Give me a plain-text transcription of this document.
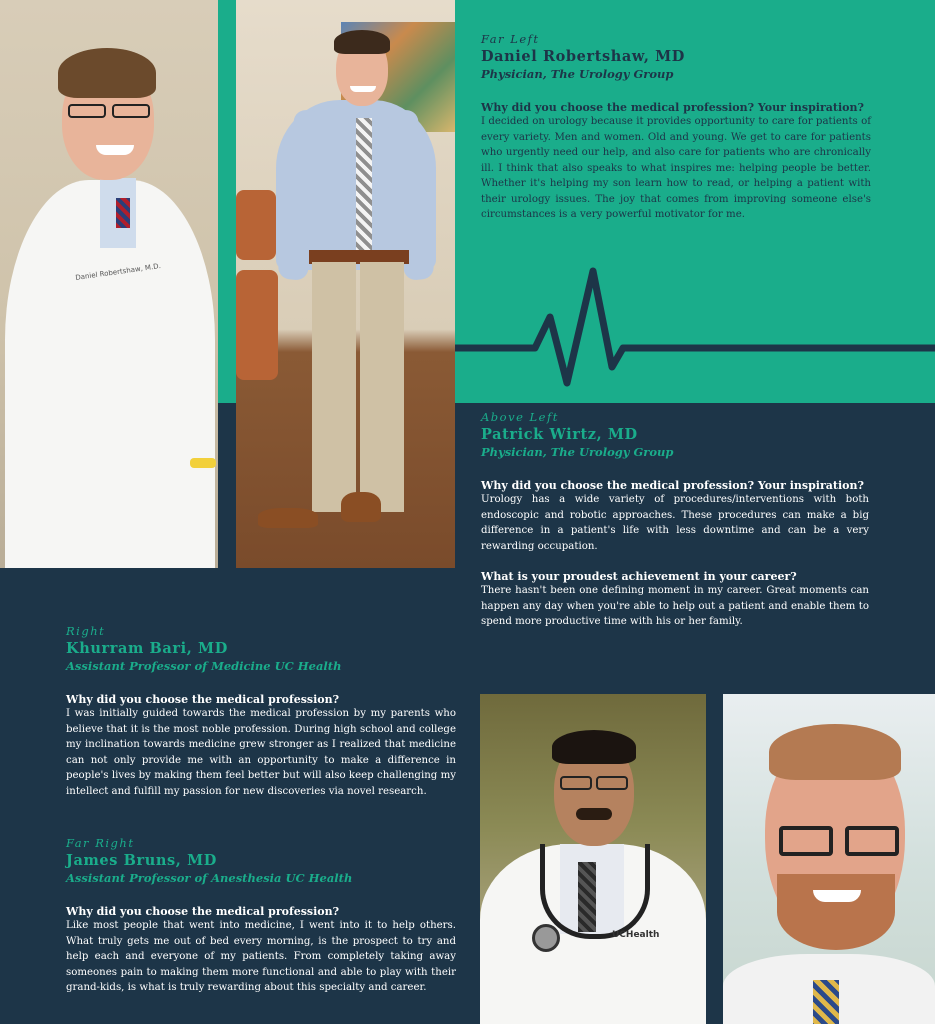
Daniel Robertshaw, M.D.
UCHealth

Far Left

Daniel Robertshaw, MD

Physician, The Urology Group

Why did you choose the medical profession? Your inspiration?

I decided on urology because it provides opportunity to care for patients of every variety. Men and women. Old and young. We get to care for patients who urgently need our help, and also care for patients who are chronically ill. I think that also speaks to what inspires me: helping people be better. Whether it's helping my son learn how to read, or helping a patient with their urology issues. The joy that comes from improving someone else's circumstances is a very powerful motivator for me.

Above Left

Patrick Wirtz, MD

Physician, The Urology Group

Why did you choose the medical profession? Your inspiration?

Urology has a wide variety of procedures/interventions with both endoscopic and robotic approaches. These procedures can make a big difference in a patient's life with less downtime and can be a very rewarding occupation.

What is your proudest achievement in your career?

There hasn't been one defining moment in my career. Great moments can happen any day when you're able to help out a patient and enable them to spend more productive time with his or her family.

Right

Khurram Bari, MD

Assistant Professor of Medicine UC Health

Why did you choose the medical profession?

I was initially guided towards the medical profession by my parents who believe that it is the most noble profession. During high school and college my inclination towards medicine grew stronger as I realized that medicine can not only provide me with an opportunity to make a difference in people's lives by making them feel better but will also keep challenging my intellect and fulfill my passion for new discoveries via novel research.

Far Right

James Bruns, MD

Assistant Professor of Anesthesia UC Health

Why did you choose the medical profession?

Like most people that went into medicine, I went into it to help others. What truly gets me out of bed every morning, is the prospect to try and help each and everyone of my patients. From completely taking away someones pain to making them more functional and able to play with their grand-kids, is what is truly rewarding about this specialty and career.
